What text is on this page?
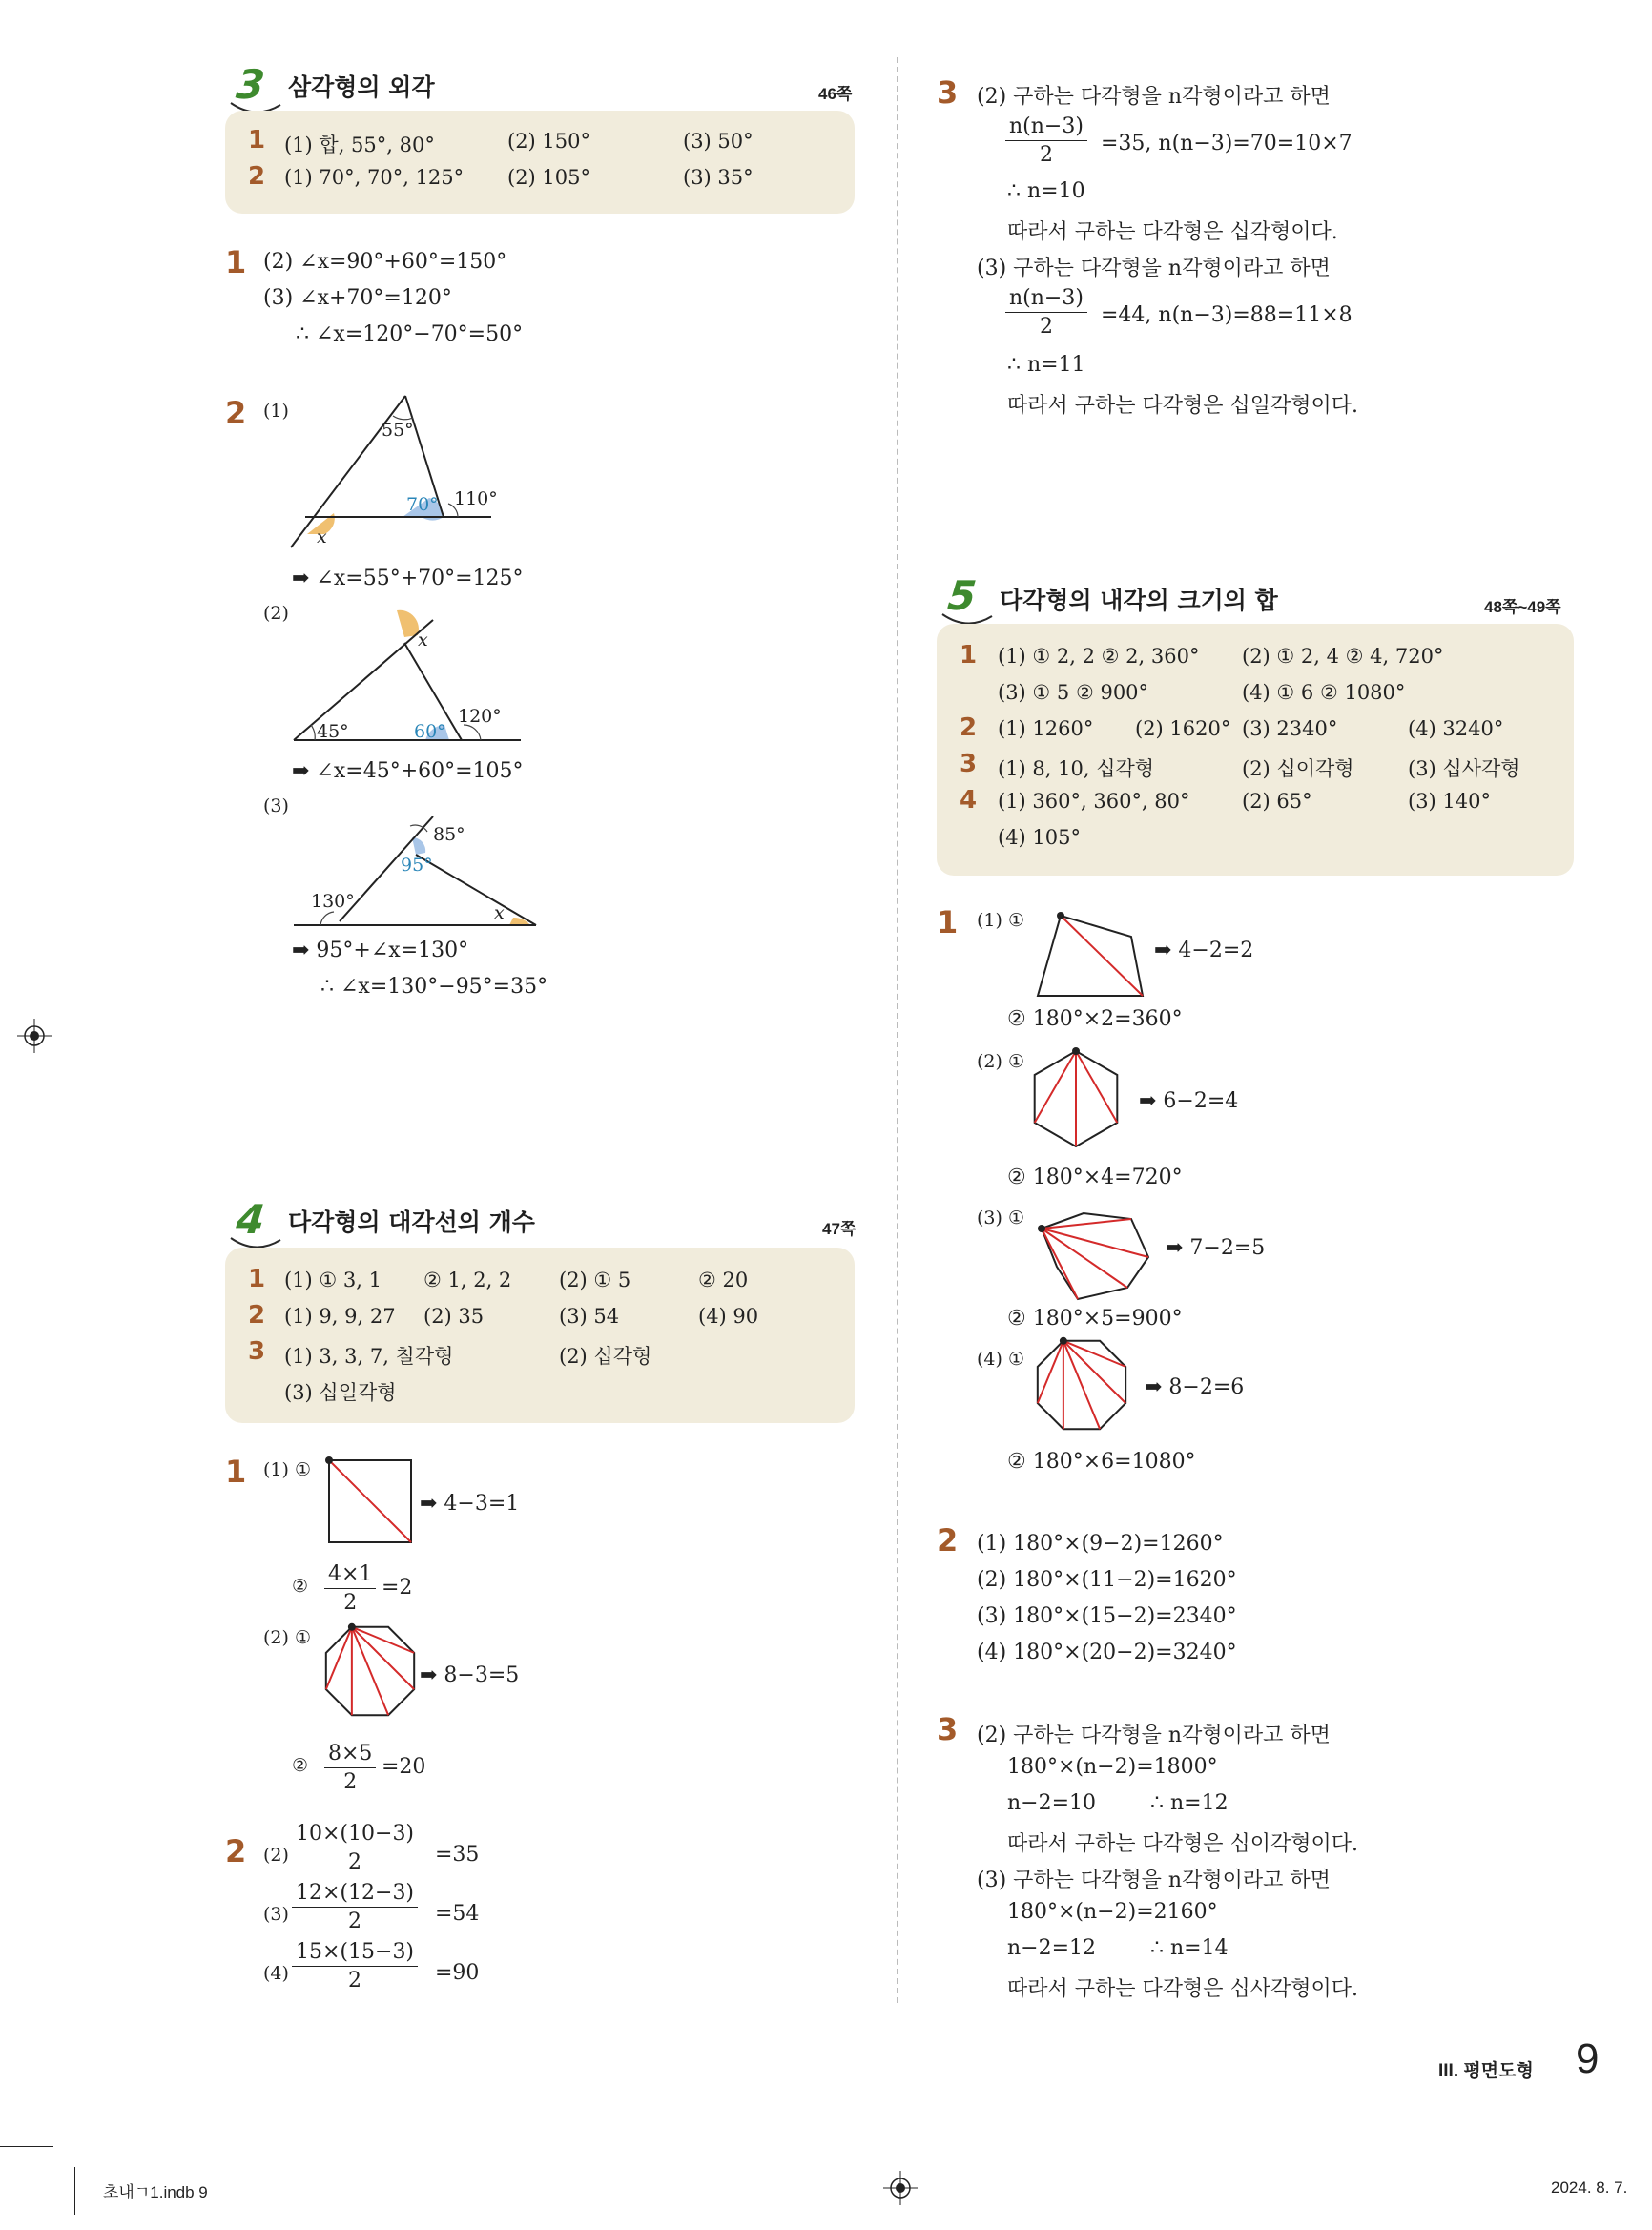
3 삼각형의 외각	46쪽
1 (1) 합, 55°, 80°	(2) 150°	(3) 50°
2 (1) 70°, 70°, 125° (2) 105°	(3) 35°
1 (2) ∠x=90°+60°=150°
(3) ∠x+70°=120°
∴ ∠x=120°−70°=50°
2 (1)
55°
70° 110°
x
➡ ∠x=55°+70°=125°
(2)
x
45°	60°
120°
➡ ∠x=45°+60°=105°
(3)
85°
95°
130°
x
➡ 95°+∠x=130°
∴ ∠x=130°−95°=35°
4 다각형의 대각선의 개수	47쪽
1 (1) ① 3, 1 ② 1, 2, 2 (2) ① 5	② 20
2 (1) 9, 9, 27 (2) 35	(3) 54	(4) 90
3 (1) 3, 3, 7, 칠각형	(2) 십각형
(3) 십일각형
1 (1) ①
➡ 4−3=1
② $\frac{4\times 1}{2} =2$
(2) ①
➡ 8−3=5
② $\frac{8\times 5}{2} =20$
2 $(2) \frac{10\times(10-3)}{2} =35$
$(3) \frac{12\times(12-3)}{2} =54$
$(4) \frac{15\times(15-3)}{2} =90$
3 (2) 구하는 다각형을 n각형이라고 하면
$\frac{n(n-3)}{2} =35$, n(n−3)=70=10×7
∴ n=10
따라서 구하는 다각형은 십각형이다.
(3) 구하는 다각형을 n각형이라고 하면
$\frac{n(n-3)}{2} =44$, n(n−3)=88=11×8
∴ n=11
따라서 구하는 다각형은 십일각형이다.
5 다각형의 내각의 크기의 합	48쪽~49쪽
1 (1) ① 2, 2 ② 2, 360° (2) ① 2, 4 ② 4, 720°
(3) ① 5 ② 900°	(4) ① 6 ② 1080°
2 (1) 1260° (2) 1620° (3) 2340°	(4) 3240°
3 (1) 8, 10, 십각형	(2) 십이각형	(3) 십사각형
4 (1) 360°, 360°, 80°	(2) 65°	(3) 140°
(4) 105°
1 (1) ①
➡ 4−2=2
② 180°×2=360°
(2) ①
➡ 6−2=4
② 180°×4=720°
(3) ①
➡ 7−2=5
② 180°×5=900°
(4) ①
➡ 8−2=6
② 180°×6=1080°
2 (1) 180°×(9−2)=1260°
(2) 180°×(11−2)=1620°
(3) 180°×(15−2)=2340°
(4) 180°×(20−2)=3240°
3 (2) 구하는 다각형을 n각형이라고 하면
180°×(n−2)=1800°
n−2=10	∴ n=12
따라서 구하는 다각형은 십이각형이다.
(3) 구하는 다각형을 n각형이라고 하면
180°×(n−2)=2160°
n−2=12	∴ n=14
따라서 구하는 다각형은 십사각형이다.
III. 평면도형 9
초내ㄱ1.indb 9	2024. 8. 7.
